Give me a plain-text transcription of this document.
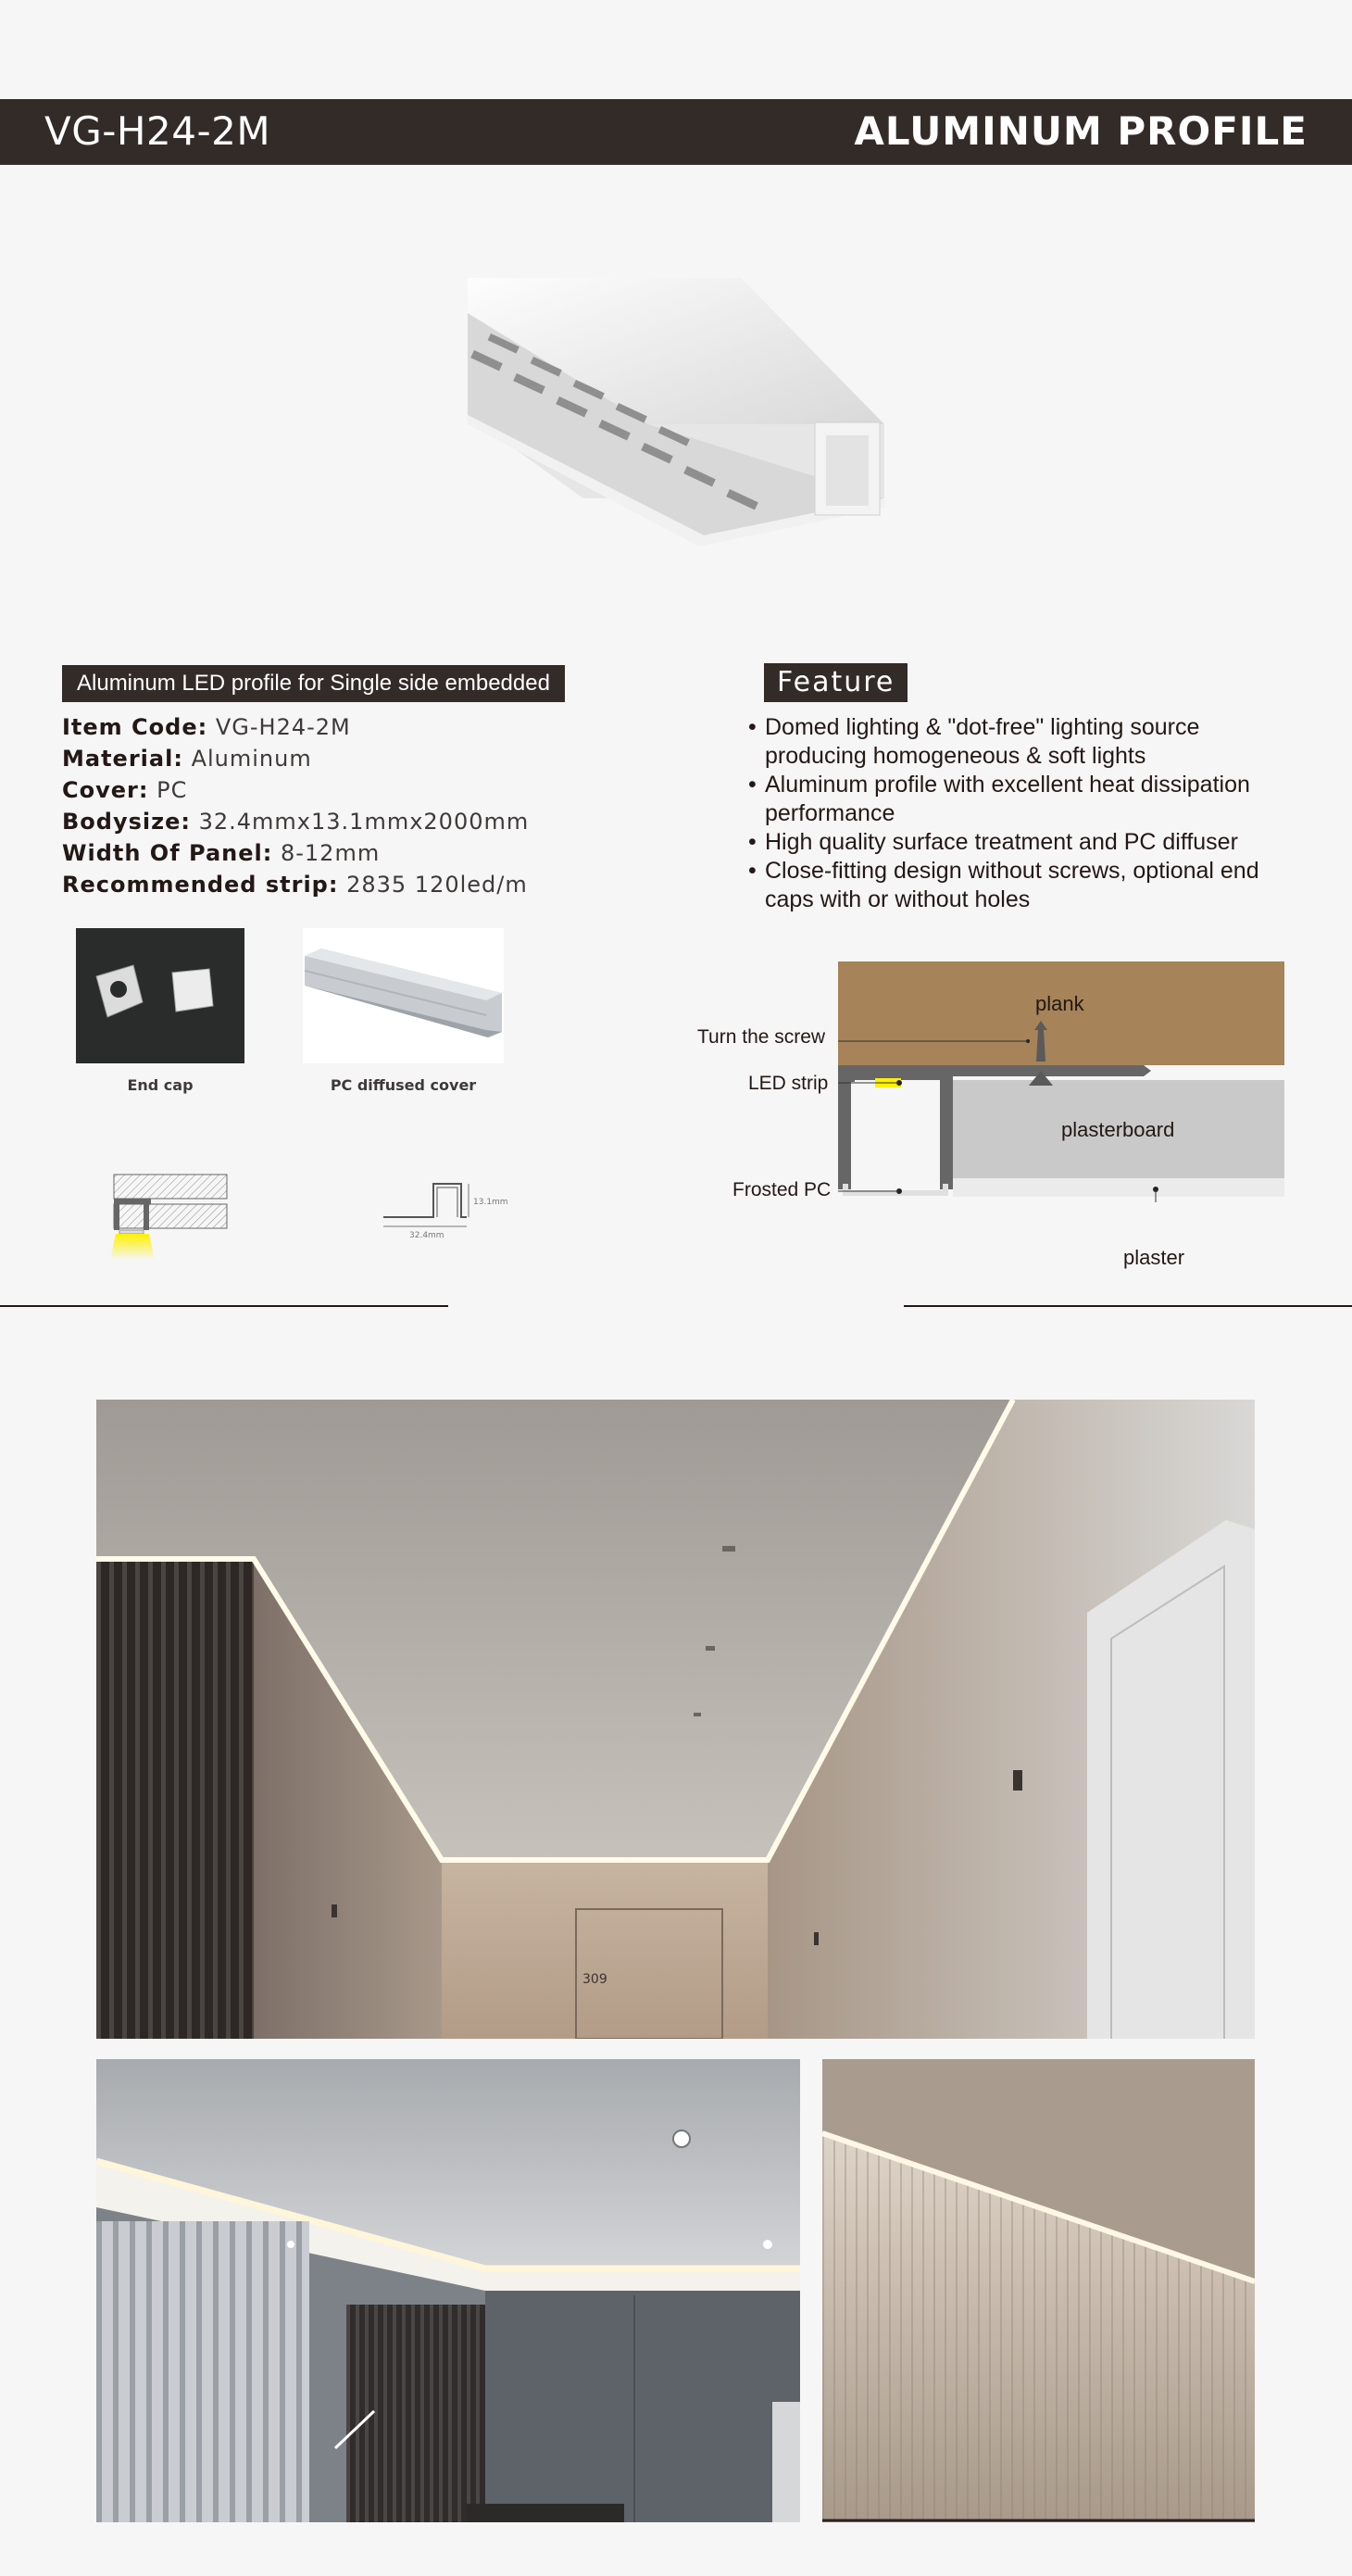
VG-H24-2M	ALUMINUM PROFILE
Aluminum LED profile for Single side embedded
Item Code: VG-H24-2M
Material: Aluminum
Cover: PC
Bodysize: 32.4mmx13.1mmx2000mm
Width Of Panel: 8-12mm
Recommended strip: 2835 120led/m
Feature
• Domed lighting & "dot-free" lighting source producing homogeneous & soft lights
• Aluminum profile with excellent heat dissipation performance
• High quality surface treatment and PC diffuser
• Close-fitting design without screws, optional end caps with or without holes
End cap	PC diffused cover
13.1mm
32.4mm
plank
Turn the screw
LED strip
plasterboard
Frosted PC
plaster
309
